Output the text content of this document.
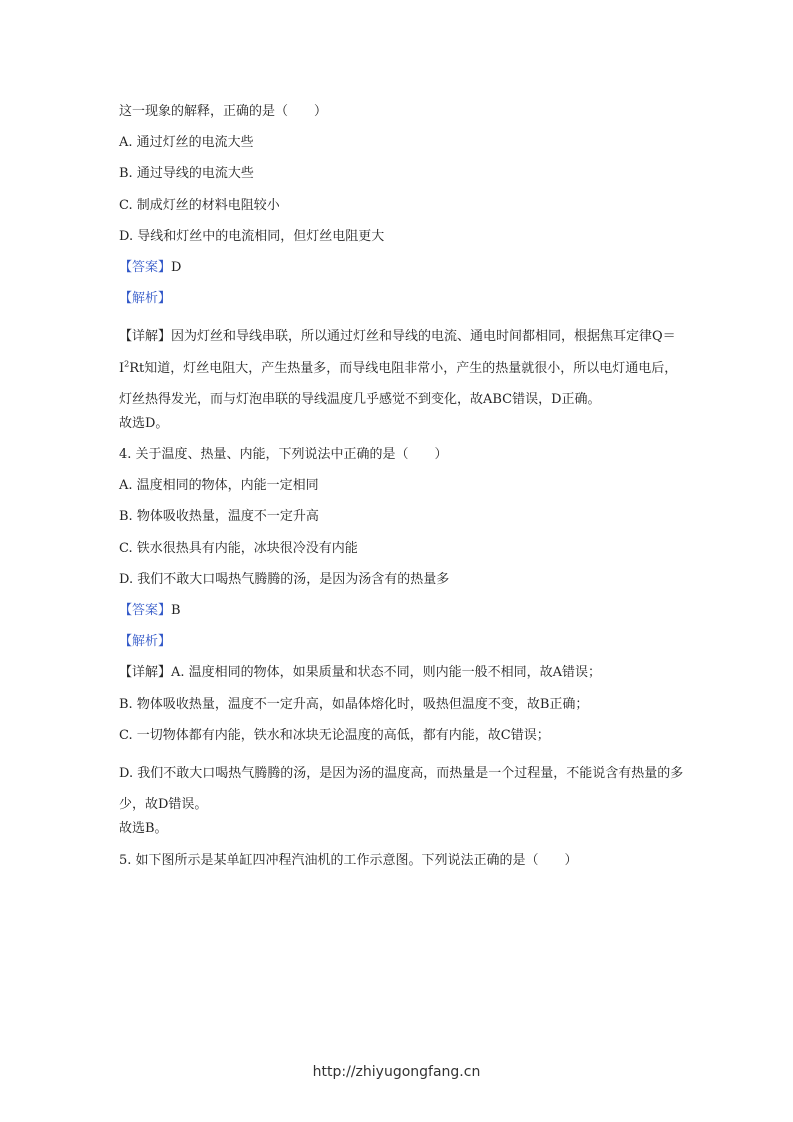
这一现象的解释，正确的是（　　）
A. 通过灯丝的电流大些
B. 通过导线的电流大些
C. 制成灯丝的材料电阻较小
D. 导线和灯丝中的电流相同，但灯丝电阻更大
【答案】D
【解析】
【详解】因为灯丝和导线串联，所以通过灯丝和导线的电流、通电时间都相同，根据焦耳定律$Q=I^2Rt$知道，灯丝电阻大，产生热量多，而导线电阻非常小，产生的热量就很小，所以电灯通电后，灯丝热得发光，而与灯泡串联的导线温度几乎感觉不到变化，故ABC错误，D正确。
故选D。
4. 关于温度、热量、内能，下列说法中正确的是（　　）
A. 温度相同的物体，内能一定相同
B. 物体吸收热量，温度不一定升高
C. 铁水很热具有内能，冰块很冷没有内能
D. 我们不敢大口喝热气腾腾的汤，是因为汤含有的热量多
【答案】B
【解析】
【详解】A. 温度相同的物体，如果质量和状态不同，则内能一般不相同，故A错误；
B. 物体吸收热量，温度不一定升高，如晶体熔化时，吸热但温度不变，故B正确；
C. 一切物体都有内能，铁水和冰块无论温度的高低，都有内能，故C错误；
D. 我们不敢大口喝热气腾腾的汤，是因为汤的温度高，而热量是一个过程量，不能说含有热量的多少，故D错误。
故选B。
5. 如下图所示是某单缸四冲程汽油机的工作示意图。下列说法正确的是（　　）
http://zhiyugongfang.cn
